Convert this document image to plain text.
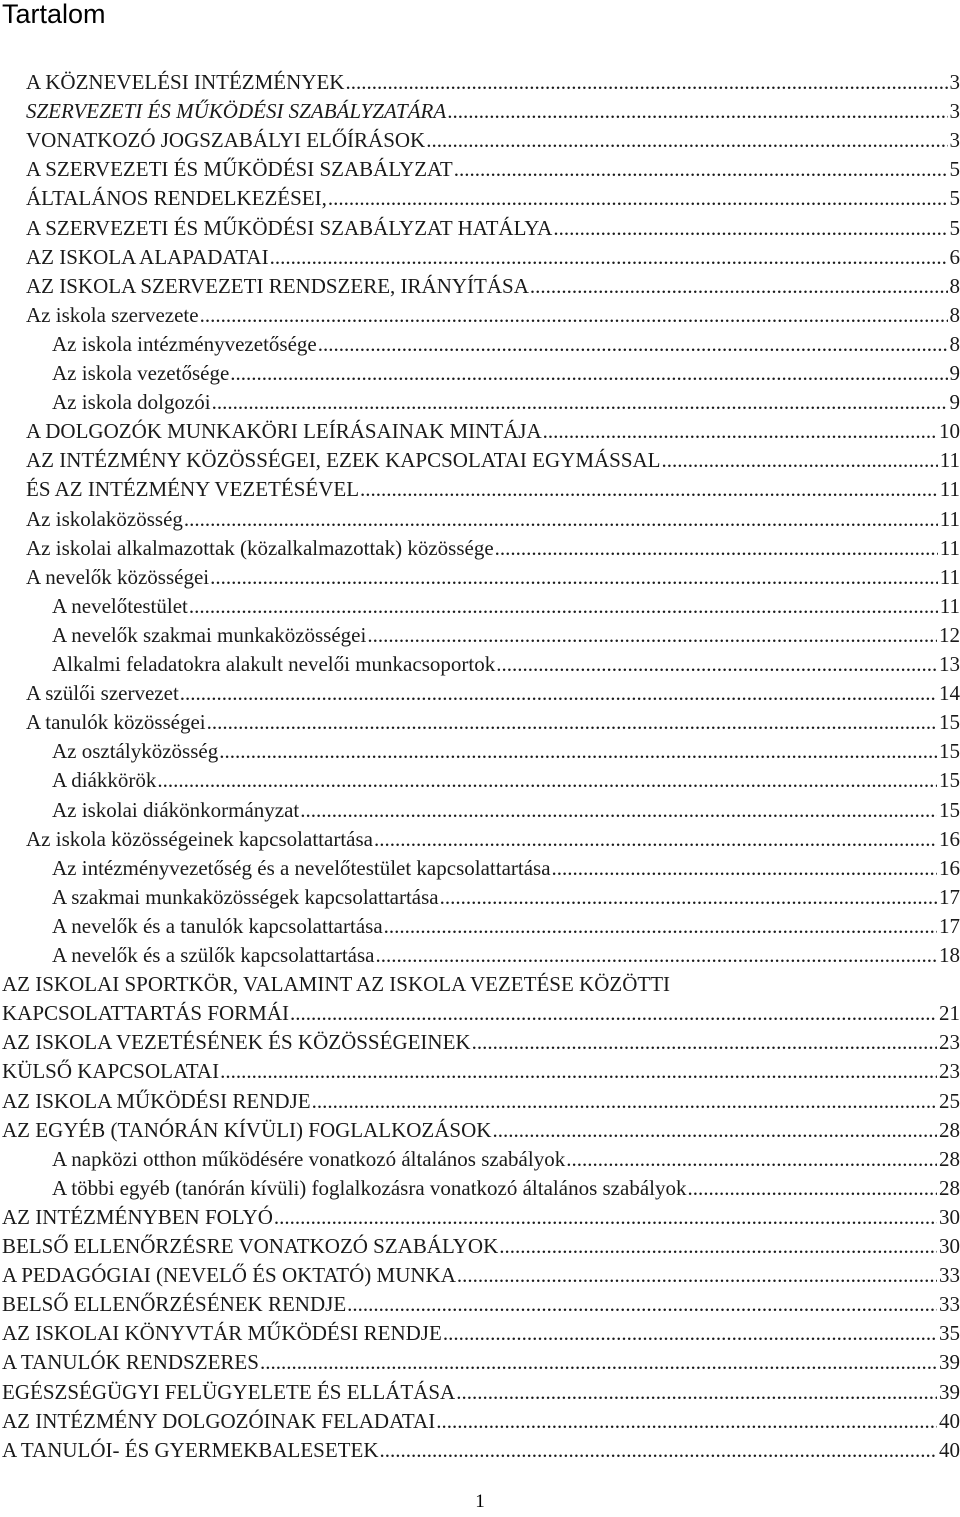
Tartalom
A KÖZNEVELÉSI INTÉZMÉNYEK .....	3
SZERVEZETI ÉS MŰKÖDÉSI SZABÁLYZATÁRA .....	3
VONATKOZÓ JOGSZABÁLYI ELŐÍRÁSOK .....	3
A SZERVEZETI ÉS MŰKÖDÉSI SZABÁLYZAT .....	5
ÁLTALÁNOS RENDELKEZÉSEI, .....	5
A SZERVEZETI ÉS MŰKÖDÉSI SZABÁLYZAT HATÁLYA .....	5
AZ ISKOLA ALAPADATAI .....	6
AZ ISKOLA SZERVEZETI RENDSZERE, IRÁNYÍTÁSA .....	8
Az iskola szervezete .....	8
Az iskola intézményvezetősége .....	8
Az iskola vezetősége .....	9
Az iskola dolgozói .....	9
A DOLGOZÓK MUNKAKÖRI LEÍRÁSAINAK MINTÁJA .....	10
AZ INTÉZMÉNY KÖZÖSSÉGEI, EZEK KAPCSOLATAI EGYMÁSSAL .....	11
ÉS AZ INTÉZMÉNY VEZETÉSÉVEL .....	11
Az iskolaközösség .....	11
Az iskolai alkalmazottak (közalkalmazottak) közössége .....	11
A nevelők közösségei .....	11
A nevelőtestület .....	11
A nevelők szakmai munkaközösségei .....	12
Alkalmi feladatokra alakult nevelői munkacsoportok .....	13
A szülői szervezet .....	14
A tanulók közösségei .....	15
Az osztályközösség .....	15
A diákkörök .....	15
Az iskolai diákönkormányzat .....	15
Az iskola közösségeinek kapcsolattartása .....	16
Az intézményvezetőség és a nevelőtestület kapcsolattartása .....	16
A szakmai munkaközösségek kapcsolattartása .....	17
A nevelők és a tanulók kapcsolattartása .....	17
A nevelők és a szülők kapcsolattartása .....	18
AZ ISKOLAI SPORTKÖR, VALAMINT AZ ISKOLA VEZETÉSE KÖZÖTTI
KAPCSOLATTARTÁS FORMÁI .....	21
AZ ISKOLA VEZETÉSÉNEK ÉS KÖZÖSSÉGEINEK .....	23
KÜLSŐ KAPCSOLATAI .....	23
AZ ISKOLA MŰKÖDÉSI RENDJE .....	25
AZ EGYÉB (TANÓRÁN KÍVÜLI) FOGLALKOZÁSOK .....	28
A napközi otthon működésére vonatkozó általános szabályok .....	28
A többi egyéb (tanórán kívüli) foglalkozásra vonatkozó általános szabályok .....	28
AZ INTÉZMÉNYBEN FOLYÓ .....	30
BELSŐ ELLENŐRZÉSRE VONATKOZÓ SZABÁLYOK .....	30
A PEDAGÓGIAI (NEVELŐ ÉS OKTATÓ) MUNKA .....	33
BELSŐ ELLENŐRZÉSÉNEK RENDJE .....	33
AZ ISKOLAI KÖNYVTÁR MŰKÖDÉSI RENDJE .....	35
A TANULÓK RENDSZERES .....	39
EGÉSZSÉGÜGYI FELÜGYELETE ÉS ELLÁTÁSA .....	39
AZ INTÉZMÉNY DOLGOZÓINAK FELADATAI .....	40
A TANULÓI- ÉS GYERMEKBALESETEK .....	40
1
